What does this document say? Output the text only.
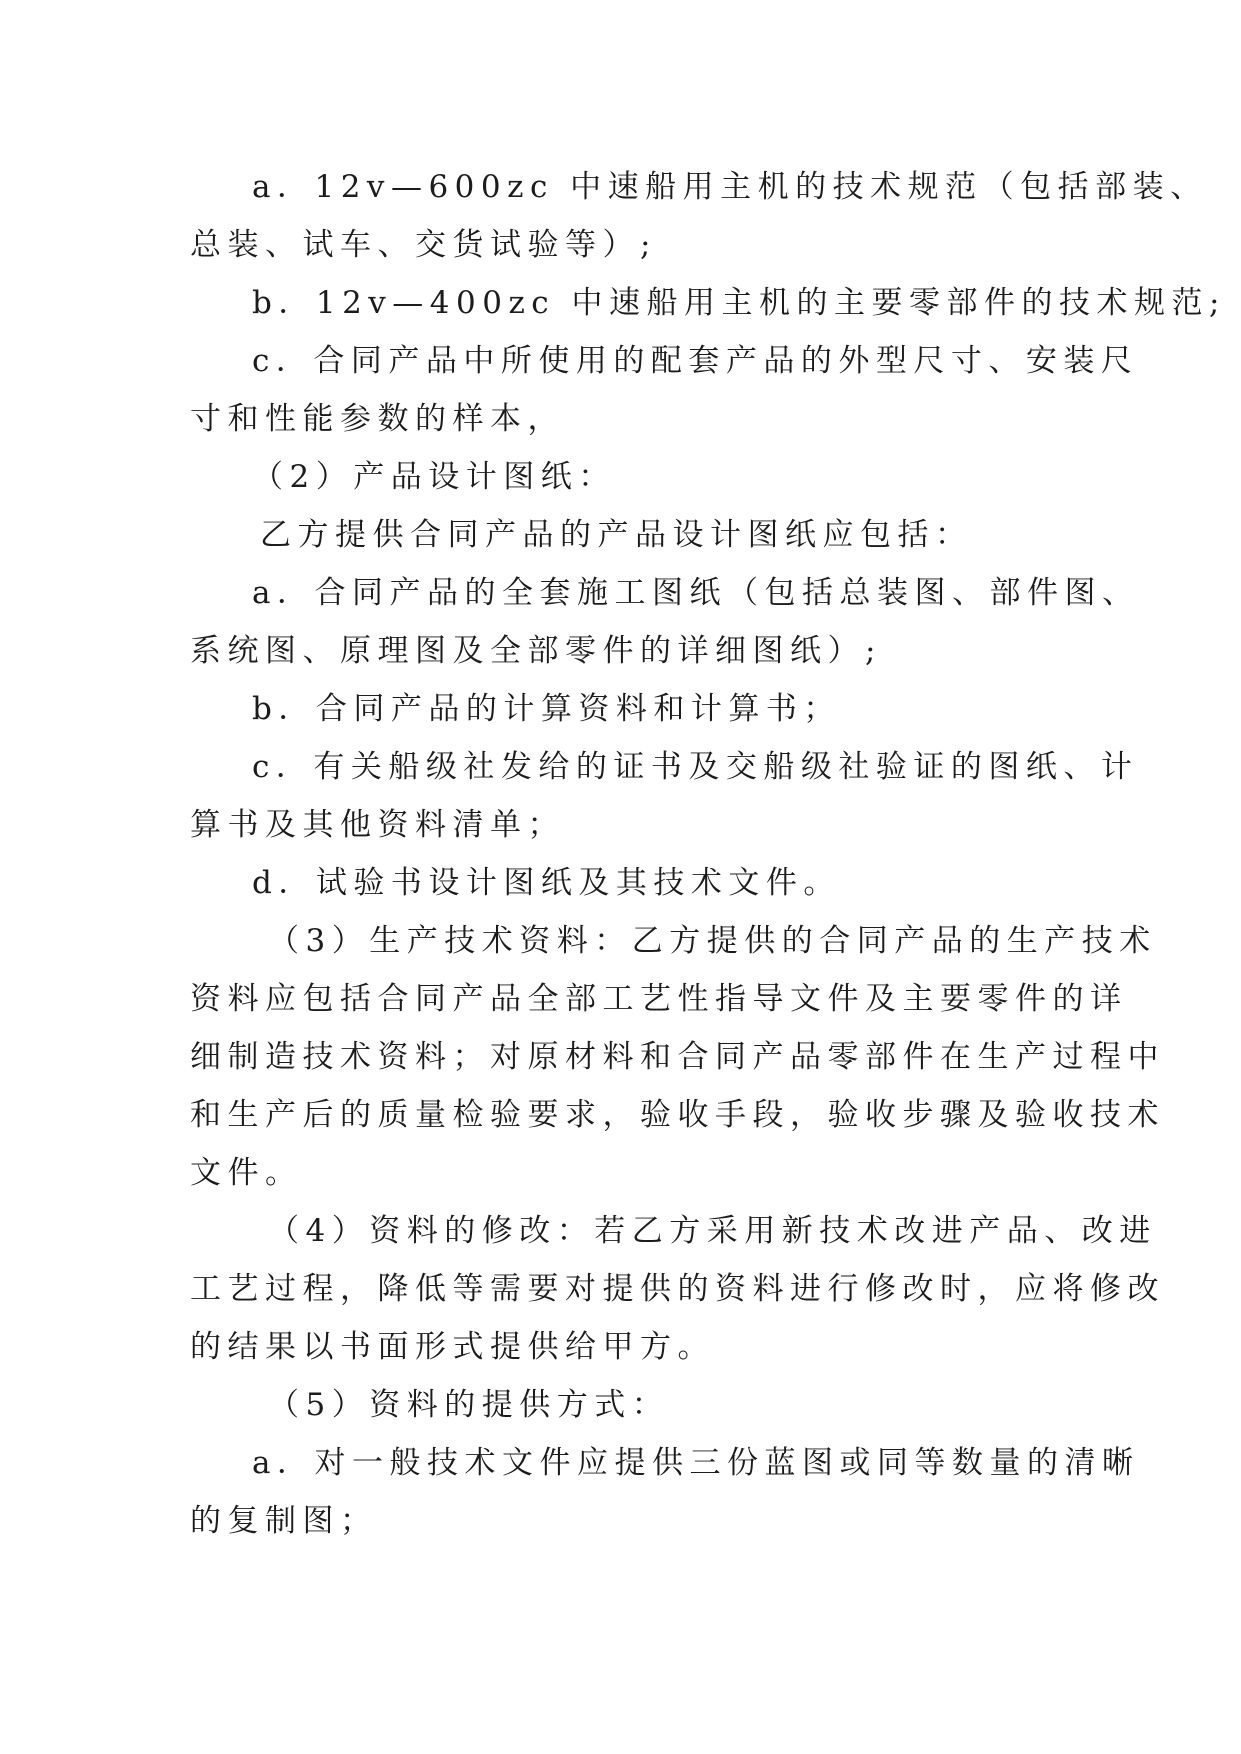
a．12v—600zc 中速船用主机的技术规范（包括部装、

总装、试车、交货试验等）;

b．12v—400zc 中速船用主机的主要零部件的技术规范;

c．合同产品中所使用的配套产品的外型尺寸、安装尺

寸和性能参数的样本，

（2）产品设计图纸：

乙方提供合同产品的产品设计图纸应包括：

a．合同产品的全套施工图纸（包括总装图、部件图、

系统图、原理图及全部零件的详细图纸）;

b．合同产品的计算资料和计算书；

c．有关船级社发给的证书及交船级社验证的图纸、计

算书及其他资料清单；

d．试验书设计图纸及其技术文件。

（3）生产技术资料：乙方提供的合同产品的生产技术

资料应包括合同产品全部工艺性指导文件及主要零件的详

细制造技术资料；对原材料和合同产品零部件在生产过程中

和生产后的质量检验要求，验收手段，验收步骤及验收技术

文件。

（4）资料的修改：若乙方采用新技术改进产品、改进

工艺过程，降低等需要对提供的资料进行修改时，应将修改

的结果以书面形式提供给甲方。

（5）资料的提供方式：

a．对一般技术文件应提供三份蓝图或同等数量的清晰

的复制图；
